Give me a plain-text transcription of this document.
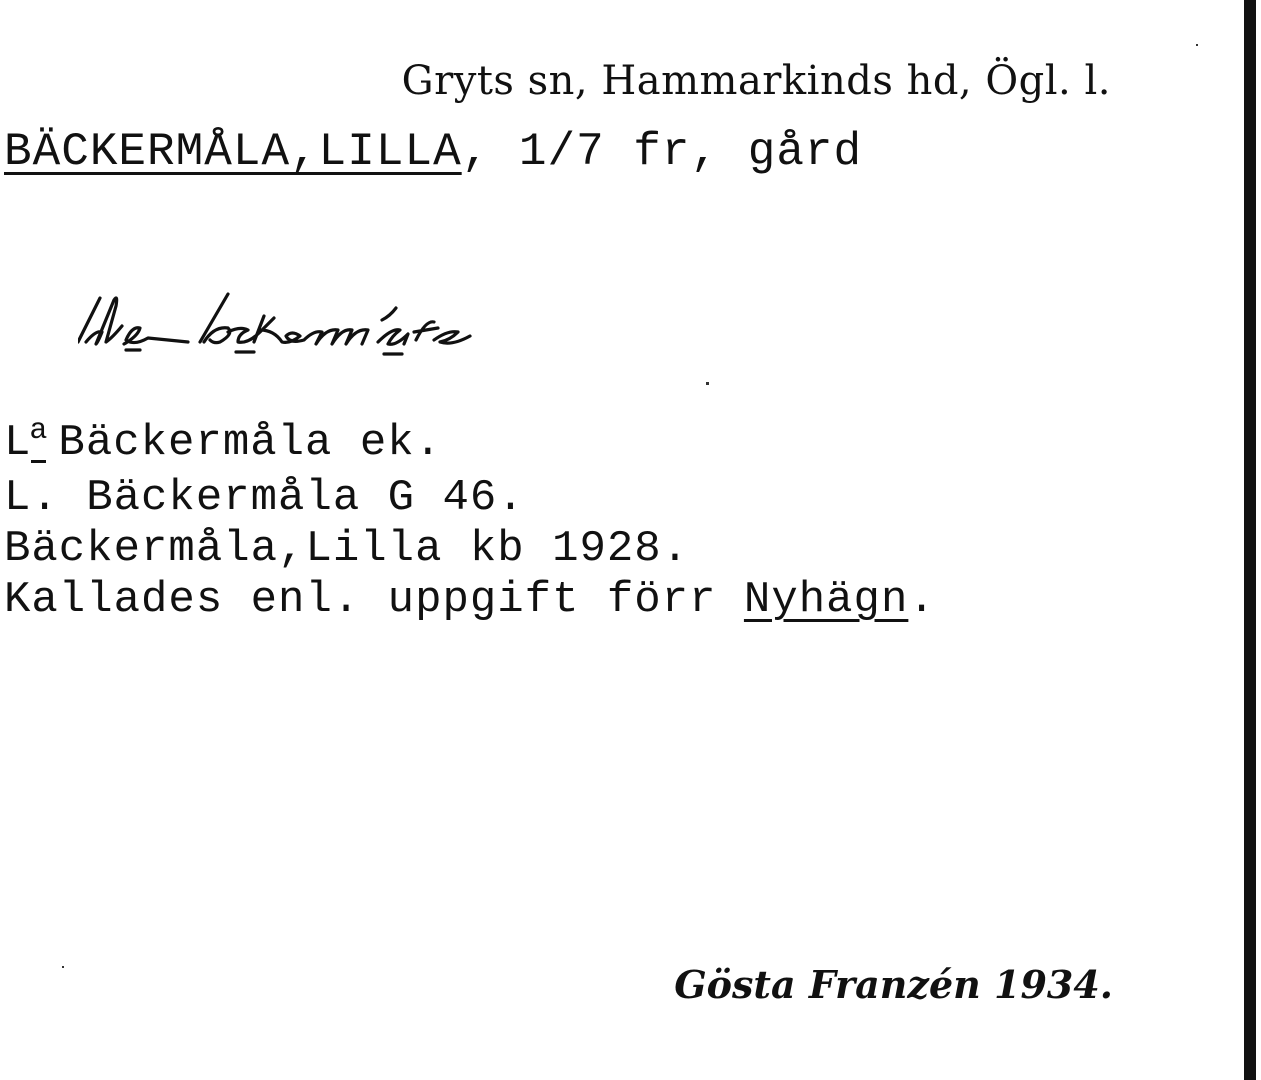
Gryts sn, Hammarkinds hd, Ögl. l.
BÄCKERMÅLA,LILLA, 1/7 fr, gård
La Bäckermåla ek.
L. Bäckermåla G 46.
Bäckermåla,Lilla kb 1928.
Kallades enl. uppgift förr Nyhägn.
Gösta Franzén 1934.
